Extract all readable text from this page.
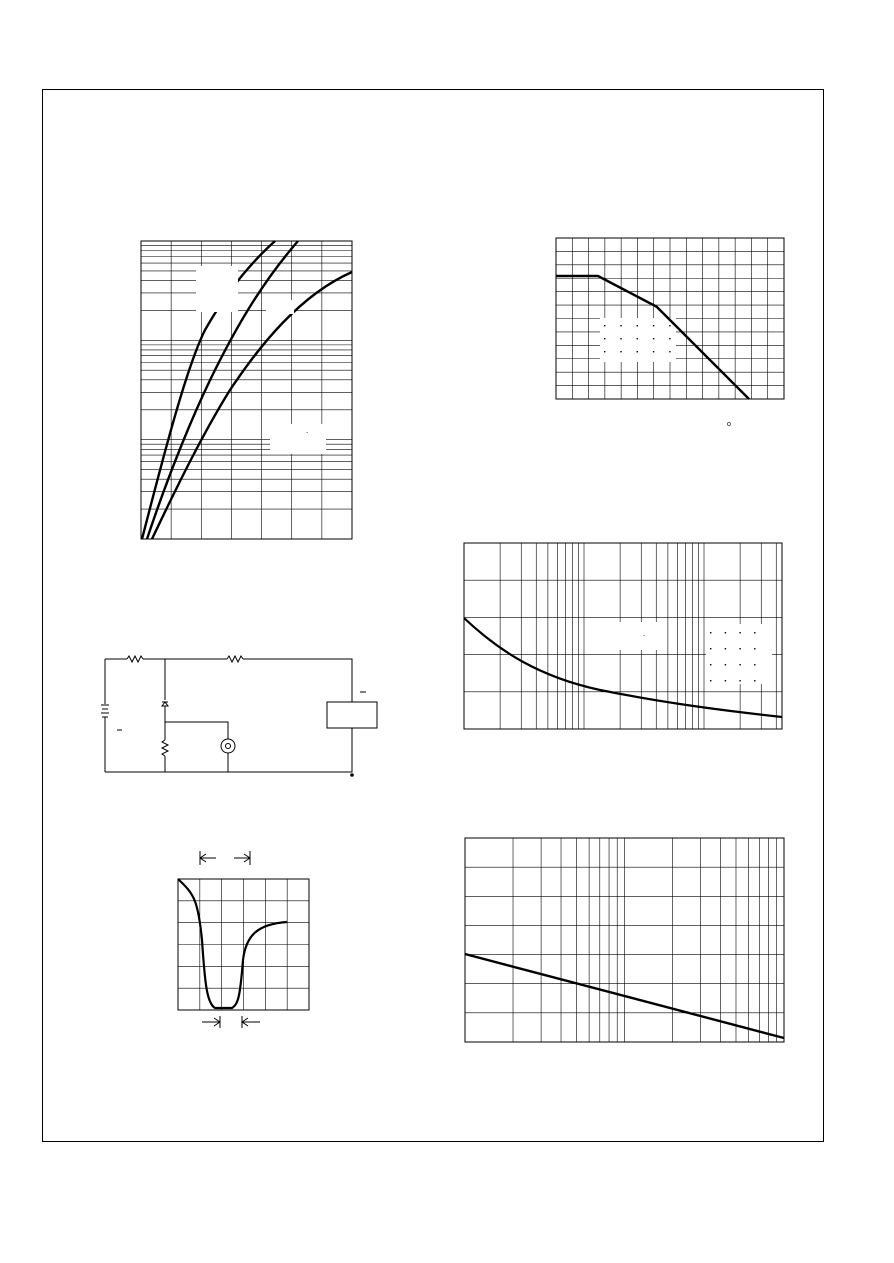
.
o
.
